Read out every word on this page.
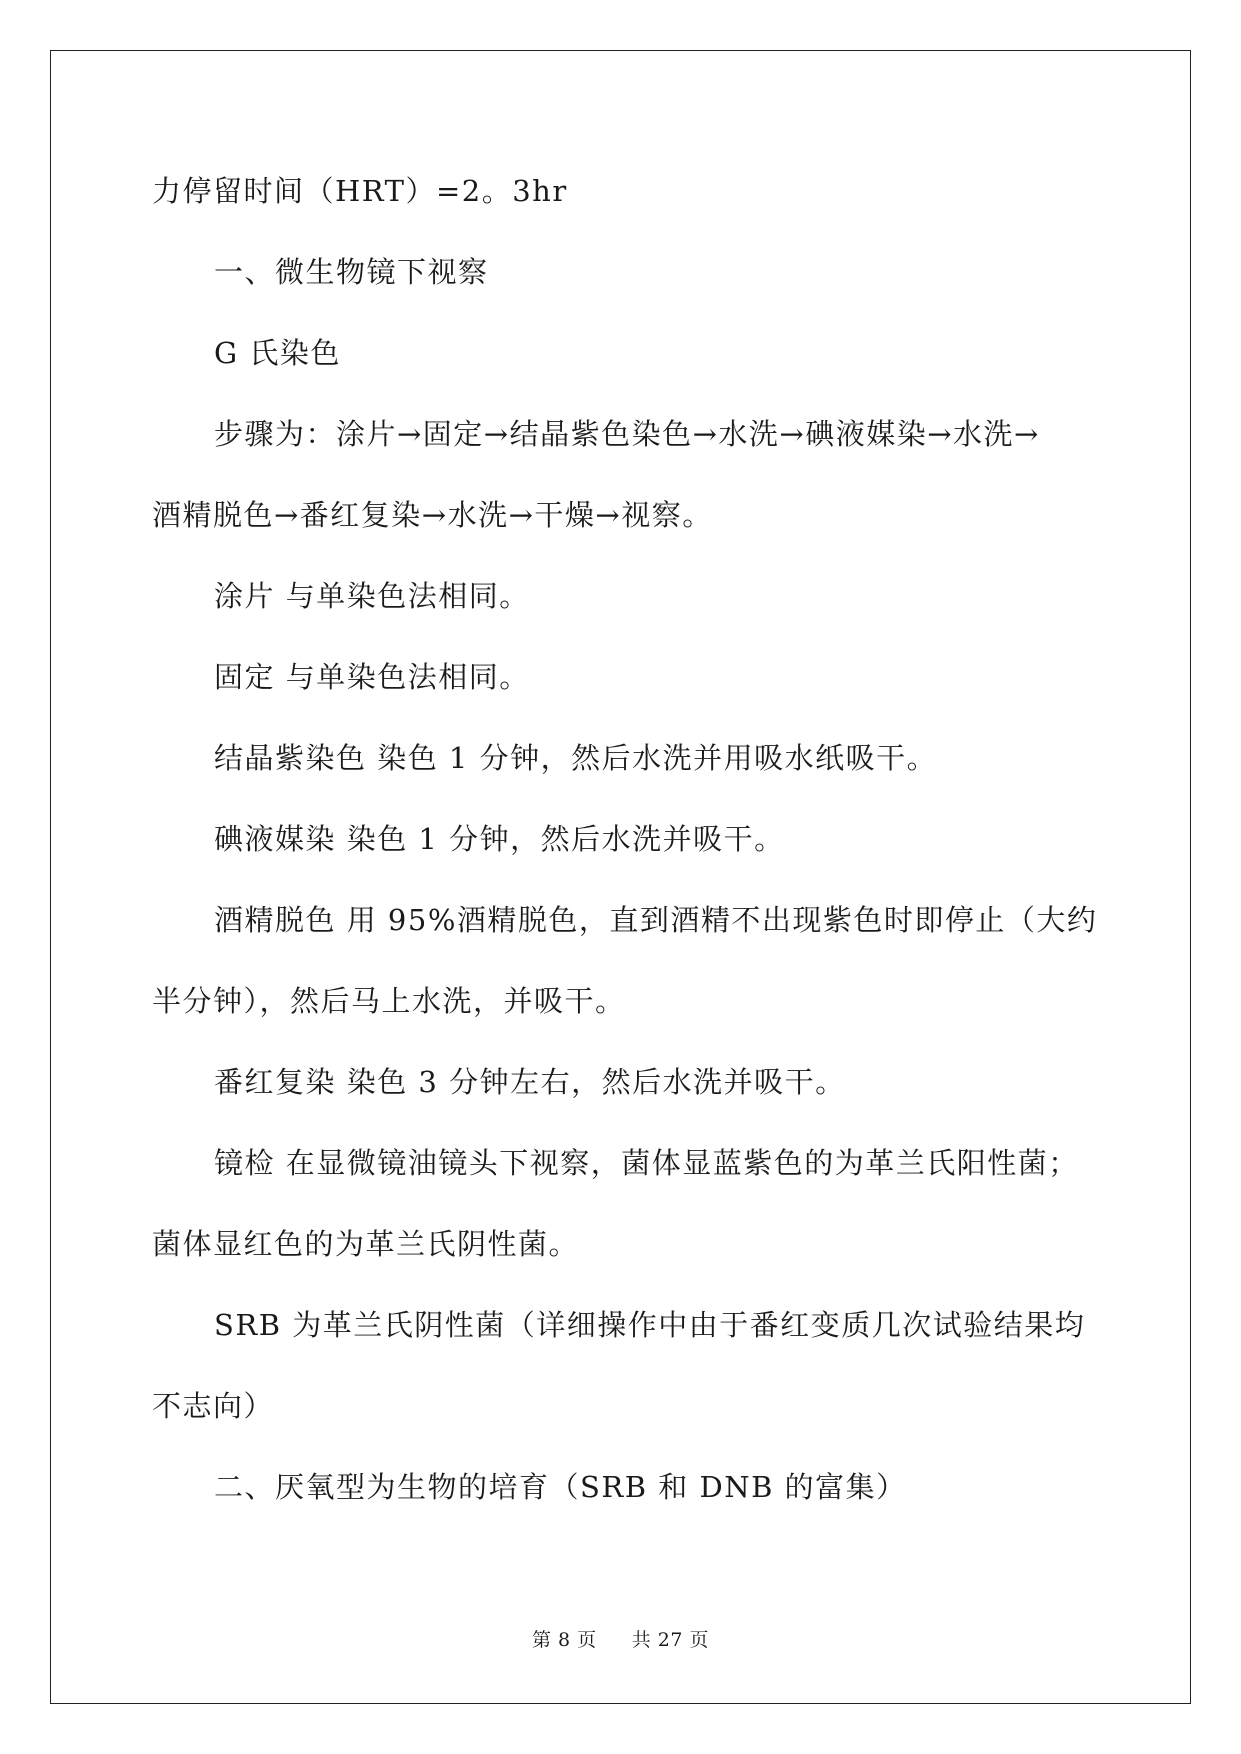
力停留时间（HRT）=2。3hr
一、微生物镜下视察
G 氏染色
步骤为：涂片→固定→结晶紫色染色→水洗→碘液媒染→水洗→
酒精脱色→番红复染→水洗→干燥→视察。
涂片 与单染色法相同。
固定 与单染色法相同。
结晶紫染色 染色 1 分钟，然后水洗并用吸水纸吸干。
碘液媒染 染色 1 分钟，然后水洗并吸干。
酒精脱色 用 95%酒精脱色，直到酒精不出现紫色时即停止（大约
半分钟），然后马上水洗，并吸干。
番红复染 染色 3 分钟左右，然后水洗并吸干。
镜检 在显微镜油镜头下视察，菌体显蓝紫色的为革兰氏阳性菌；
菌体显红色的为革兰氏阴性菌。
SRB 为革兰氏阴性菌（详细操作中由于番红变质几次试验结果均
不志向）
二、厌氧型为生物的培育（SRB 和 DNB 的富集）
第 8 页 共 27 页
